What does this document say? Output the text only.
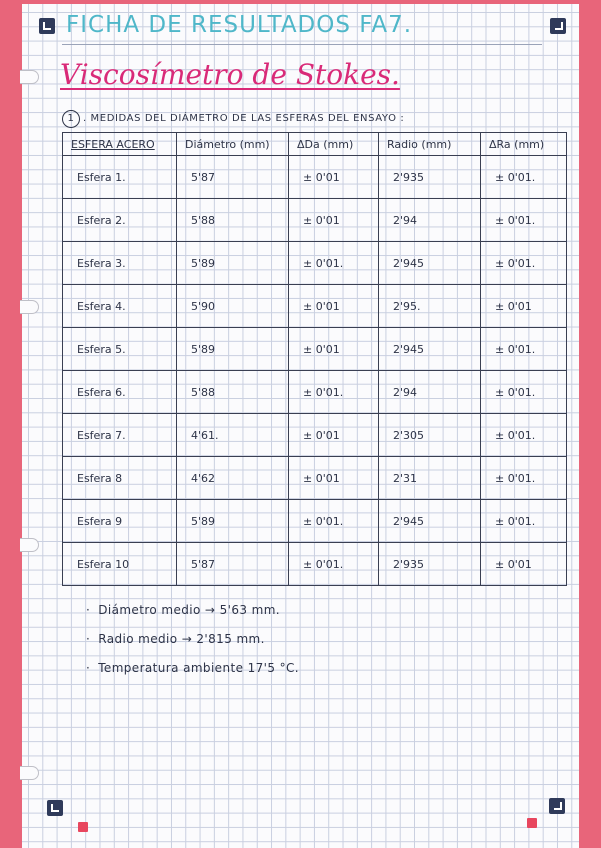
FICHA DE RESULTADOS FA7.
Viscosímetro de Stokes.
1 . MEDIDAS DEL DIÁMETRO DE LAS ESFERAS DEL ENSAYO :
ESFERA ACERO	Diámetro (mm)	ΔDa (mm)	Radio (mm)	ΔRa (mm)
Esfera 1.	5'87	± 0'01	2'935	± 0'01.
Esfera 2.	5'88	± 0'01	2'94	± 0'01.
Esfera 3.	5'89	± 0'01.	2'945	± 0'01.
Esfera 4.	5'90	± 0'01	2'95.	± 0'01
Esfera 5.	5'89	± 0'01	2'945	± 0'01.
Esfera 6.	5'88	± 0'01.	2'94	± 0'01.
Esfera 7.	4'61.	± 0'01	2'305	± 0'01.
Esfera 8	4'62	± 0'01	2'31	± 0'01.
Esfera 9	5'89	± 0'01.	2'945	± 0'01.
Esfera 10	5'87	± 0'01.	2'935	± 0'01
· Diámetro medio → 5'63 mm.
· Radio medio → 2'815 mm.
· Temperatura ambiente 17'5 °C.
